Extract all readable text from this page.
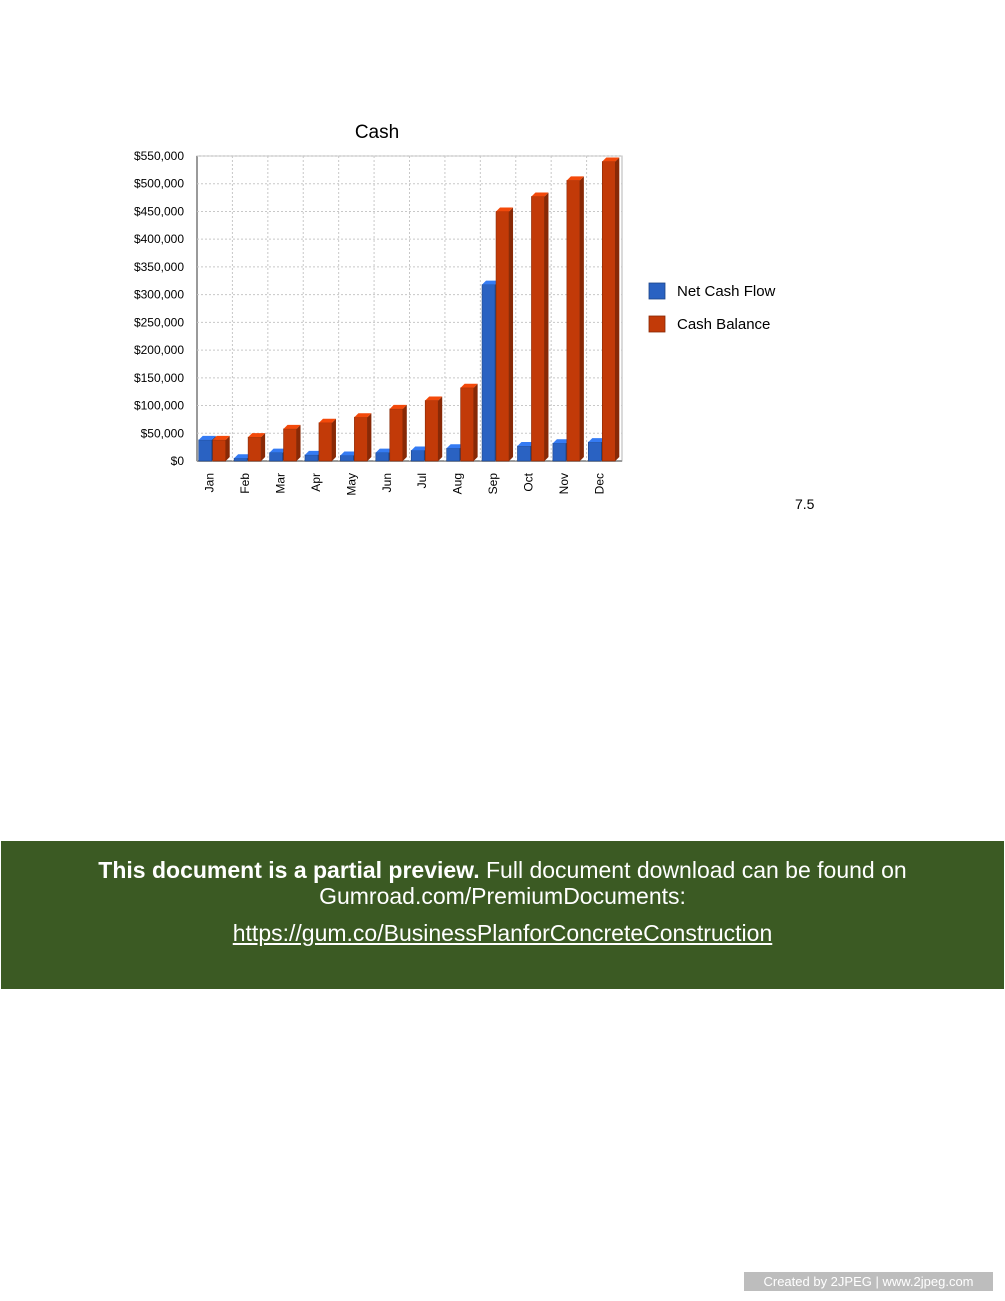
Cash
$0
$50,000
$100,000
$150,000
$200,000
$250,000
$300,000
$350,000
$400,000
$450,000
$500,000
$550,000
Jan Feb Mar Apr May Jun Jul Aug Sep Oct Nov Dec
Net Cash Flow
Cash Balance
7.5
This document is a partial preview. Full document download can be found on Gumroad.com/PremiumDocuments:
https://gum.co/BusinessPlanforConcreteConstruction
Created by 2JPEG | www.2jpeg.com
